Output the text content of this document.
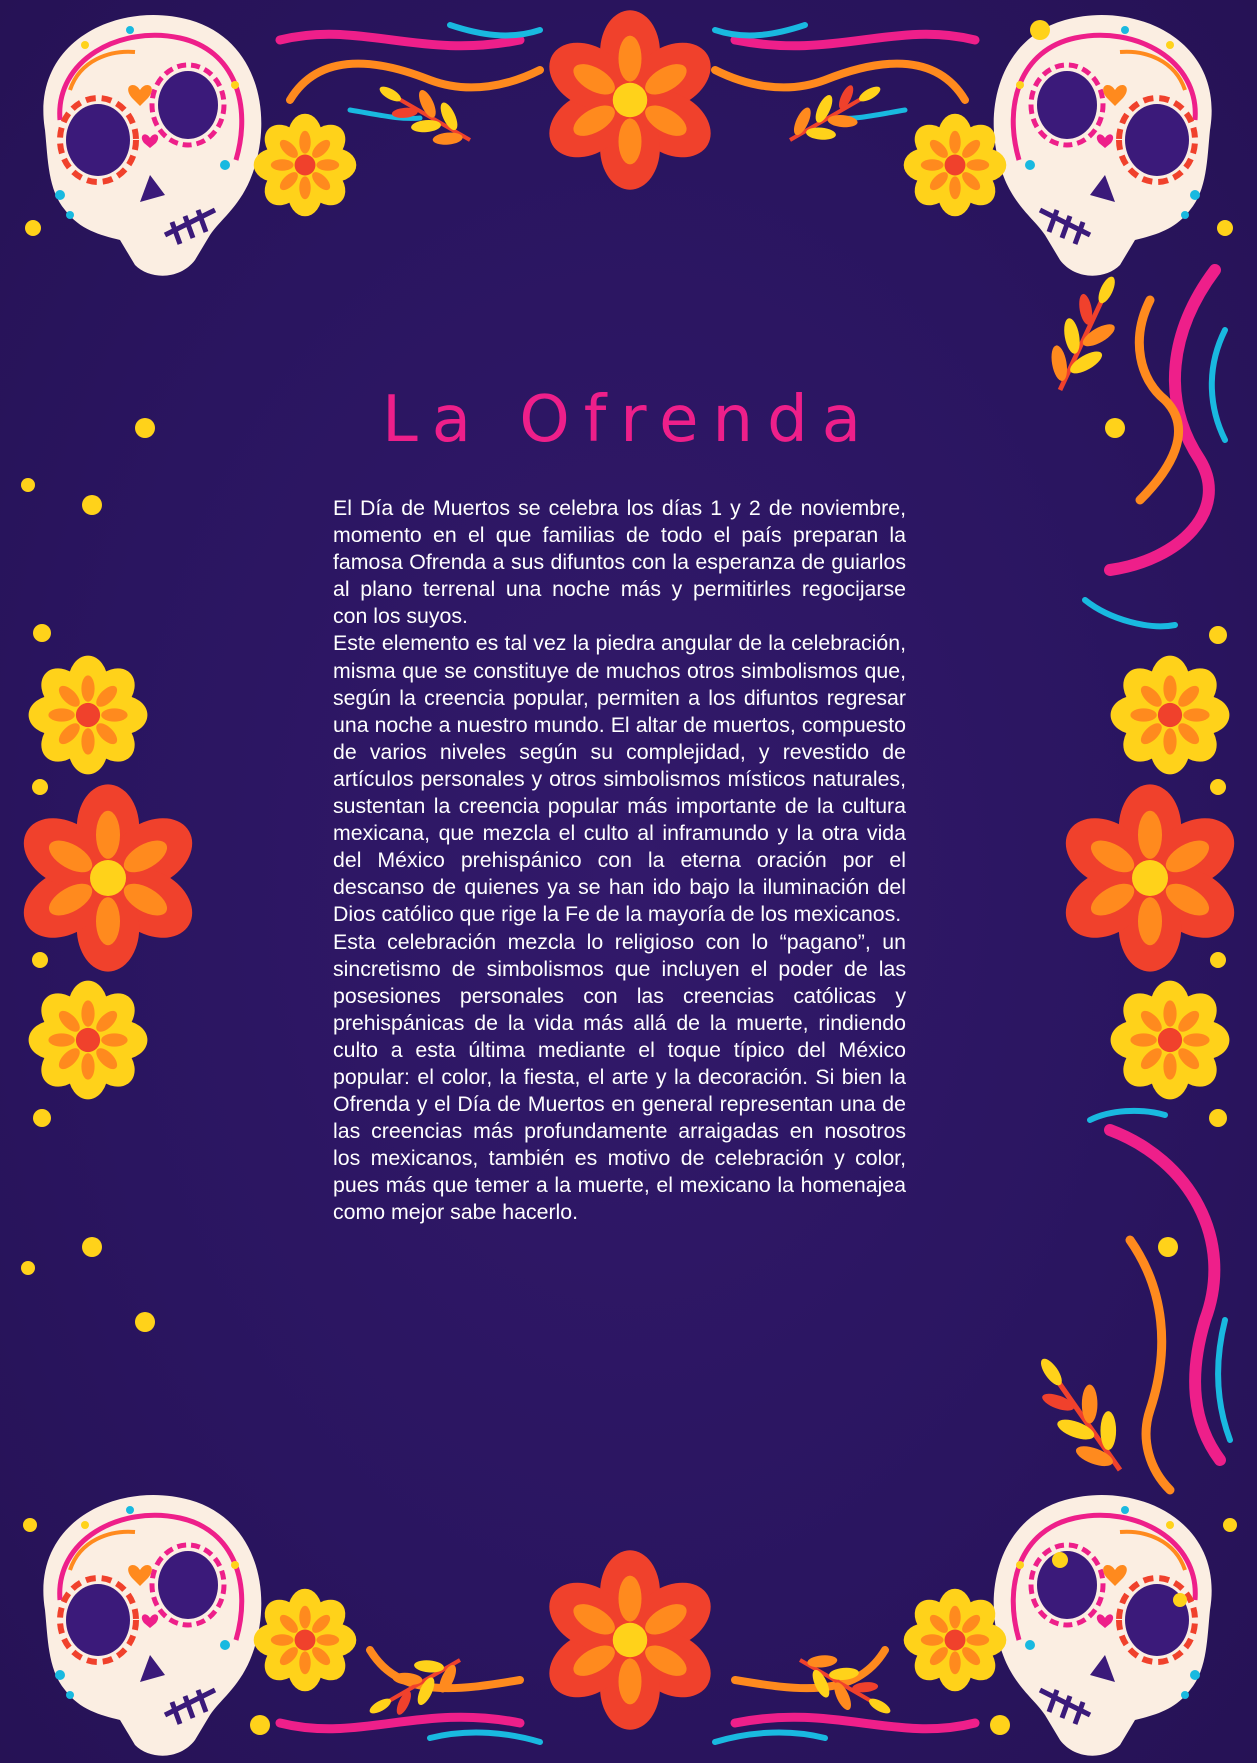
La Ofrenda

El Día de Muertos se celebra los días 1 y 2 de noviembre, momento en el que familias de todo el país preparan la famosa Ofrenda a sus difuntos con la esperanza de guiarlos al plano terrenal una noche más y permitirles regocijarse con los suyos.

Este elemento es tal vez la piedra angular de la celebración, misma que se constituye de muchos otros simbolismos que, según la creencia popular, permiten a los difuntos regresar una noche a nuestro mundo. El altar de muertos, compuesto de varios niveles según su complejidad, y revestido de artículos personales y otros simbolismos místicos naturales, sustentan la creencia popular más importante de la cultura mexicana, que mezcla el culto al inframundo y la otra vida del México prehispánico con la eterna oración por el descanso de quienes ya se han ido bajo la iluminación del Dios católico que rige la Fe de la mayoría de los mexicanos.

Esta celebración mezcla lo religioso con lo “pagano”, un sincretismo de simbolismos que incluyen el poder de las posesiones personales con las creencias católicas y prehispánicas de la vida más allá de la muerte, rindiendo culto a esta última mediante el toque típico del México popular: el color, la fiesta, el arte y la decoración. Si bien la Ofrenda y el Día de Muertos en general representan una de las creencias más profundamente arraigadas en nosotros los mexicanos, también es motivo de celebración y color, pues más que temer a la muerte, el mexicano la homenajea como mejor sabe hacerlo.
